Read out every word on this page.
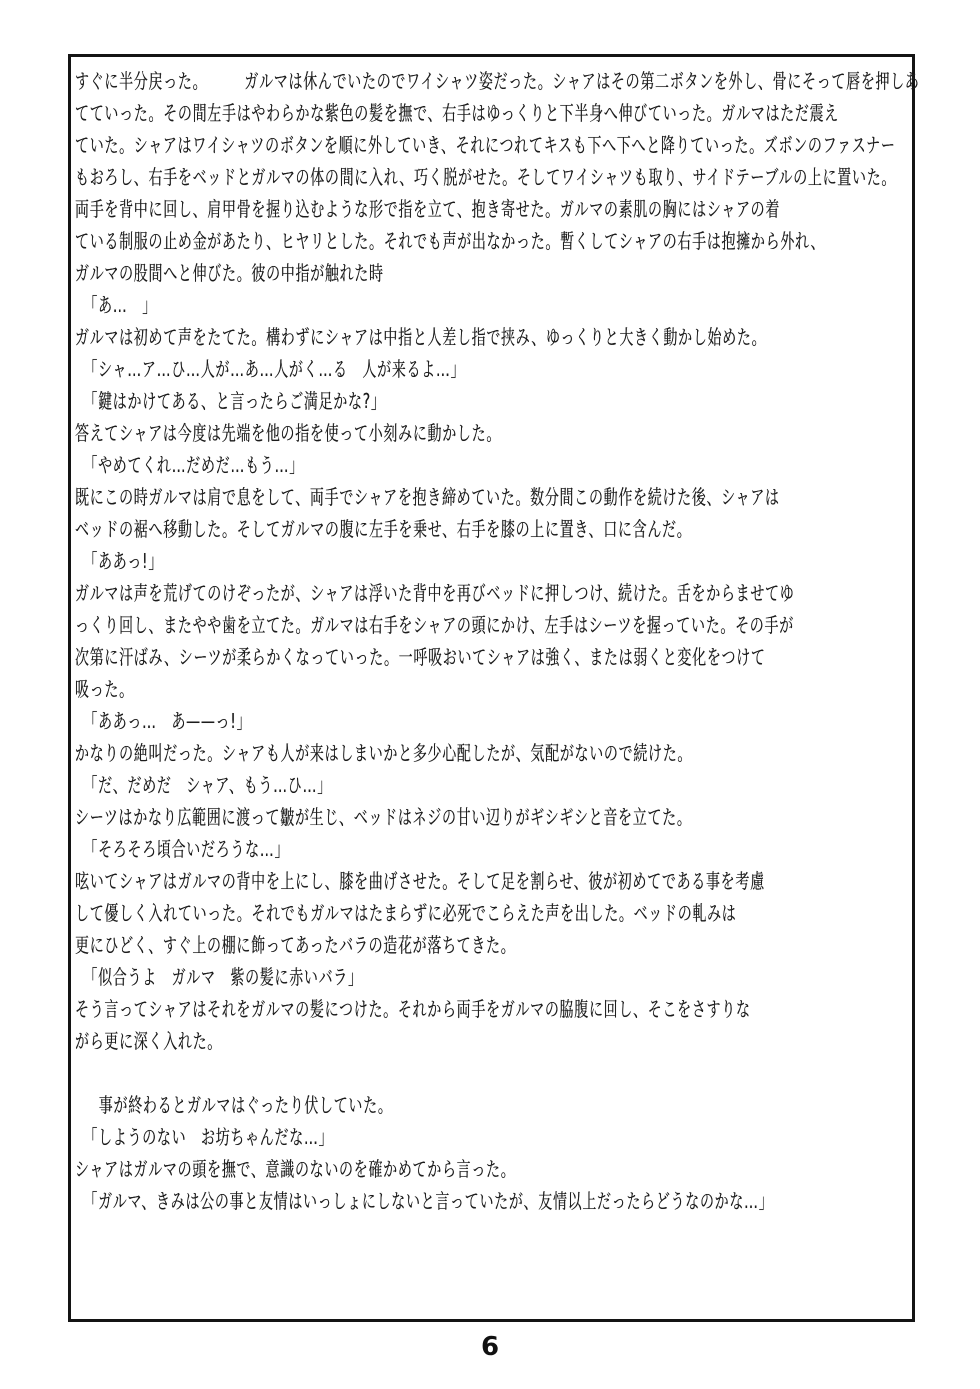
すぐに半分戻った。　　　ガルマは休んでいたのでワイシャツ姿だった。シャアはその第二ボタンを外し、骨にそって唇を押しあ
てていった。その間左手はやわらかな紫色の髪を撫で、右手はゆっくりと下半身へ伸びていった。ガルマはただ震え
ていた。シャアはワイシャツのボタンを順に外していき、それにつれてキスも下へ下へと降りていった。ズボンのファスナー
もおろし、右手をベッドとガルマの体の間に入れ、巧く脱がせた。そしてワイシャツも取り、サイドテーブルの上に置いた。
両手を背中に回し、肩甲骨を握り込むような形で指を立て、抱き寄せた。ガルマの素肌の胸にはシャアの着
ている制服の止め金があたり、ヒヤリとした。それでも声が出なかった。暫くしてシャアの右手は抱擁から外れ、
ガルマの股間へと伸びた。彼の中指が触れた時
「あ…　」
ガルマは初めて声をたてた。構わずにシャアは中指と人差し指で挟み、ゆっくりと大きく動かし始めた。
「シャ…ア…ひ…人が…あ…人がく…る　人が来るよ…」
「鍵はかけてある、と言ったらご満足かな?」
答えてシャアは今度は先端を他の指を使って小刻みに動かした。
「やめてくれ…だめだ…もう…」
既にこの時ガルマは肩で息をして、両手でシャアを抱き締めていた。数分間この動作を続けた後、シャアは
ベッドの裾へ移動した。そしてガルマの腹に左手を乗せ、右手を膝の上に置き、口に含んだ。
「ああっ!」
ガルマは声を荒げてのけぞったが、シャアは浮いた背中を再びベッドに押しつけ、続けた。舌をからませてゆ
っくり回し、またやや歯を立てた。ガルマは右手をシャアの頭にかけ、左手はシーツを握っていた。その手が
次第に汗ばみ、シーツが柔らかくなっていった。一呼吸おいてシャアは強く、または弱くと変化をつけて
吸った。
「ああっ…　あ——っ!」
かなりの絶叫だった。シャアも人が来はしまいかと多少心配したが、気配がないので続けた。
「だ、だめだ　シャア、もう…ひ…」
シーツはかなり広範囲に渡って皺が生じ、ベッドはネジの甘い辺りがギシギシと音を立てた。
「そろそろ頃合いだろうな…」
呟いてシャアはガルマの背中を上にし、膝を曲げさせた。そして足を割らせ、彼が初めてである事を考慮
して優しく入れていった。それでもガルマはたまらずに必死でこらえた声を出した。ベッドの軋みは
更にひどく、すぐ上の棚に飾ってあったバラの造花が落ちてきた。
「似合うよ　ガルマ　紫の髪に赤いバラ」
そう言ってシャアはそれをガルマの髪につけた。それから両手をガルマの脇腹に回し、そこをさすりな
がら更に深く入れた。
事が終わるとガルマはぐったり伏していた。
「しようのない　お坊ちゃんだな…」
シャアはガルマの頭を撫で、意識のないのを確かめてから言った。
「ガルマ、きみは公の事と友情はいっしょにしないと言っていたが、友情以上だったらどうなのかな…」
6
